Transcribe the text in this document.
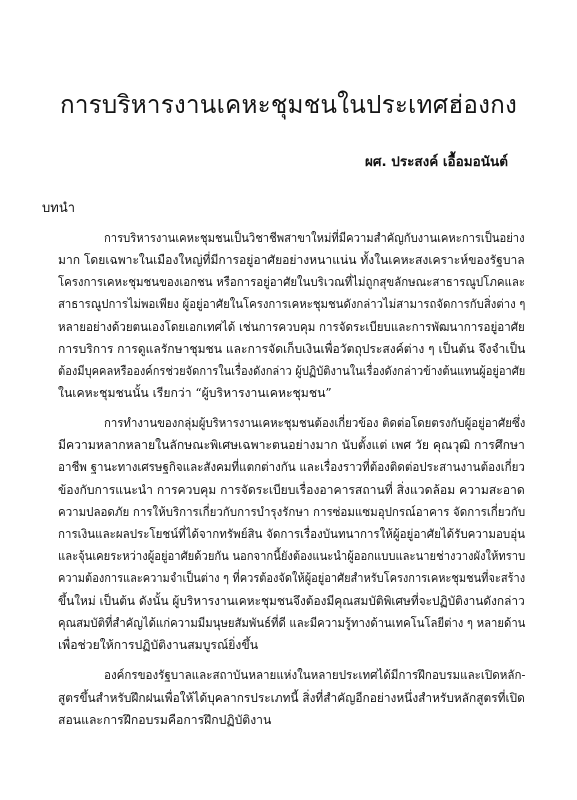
การบริหารงานเคหะชุมชนในประเทศฮ่องกง
ผศ. ประสงค์ เอื้อมอนันต์
บทนำ
การบริหารงานเคหะชุมชนเป็นวิชาชีพสาขาใหม่ที่มีความสำคัญกับงานเคหะการเป็นอย่าง
มาก โดยเฉพาะในเมืองใหญ่ที่มีการอยู่อาศัยอย่างหนาแน่น ทั้งในเคหะสงเคราะห์ของรัฐบาล
โครงการเคหะชุมชนของเอกชน หรือการอยู่อาศัยในบริเวณที่ไม่ถูกสุขลักษณะสาธารณูปโภคและ
สาธารณูปการไม่พอเพียง ผู้อยู่อาศัยในโครงการเคหะชุมชนดังกล่าวไม่สามารถจัดการกับสิ่งต่าง ๆ
หลายอย่างด้วยตนเองโดยเอกเทศได้ เช่นการควบคุม การจัดระเบียบและการพัฒนาการอยู่อาศัย
การบริการ การดูแลรักษาชุมชน และการจัดเก็บเงินเพื่อวัตถุประสงค์ต่าง ๆ เป็นต้น จึงจำเป็น
ต้องมีบุคคลหรือองค์กรช่วยจัดการในเรื่องดังกล่าว ผู้ปฏิบัติงานในเรื่องดังกล่าวข้างต้นแทนผู้อยู่อาศัย
ในเคหะชุมชนนั้น เรียกว่า “ผู้บริหารงานเคหะชุมชน”
การทำงานของกลุ่มผู้บริหารงานเคหะชุมชนต้องเกี่ยวข้อง ติดต่อโดยตรงกับผู้อยู่อาศัยซึ่ง
มีความหลากหลายในลักษณะพิเศษเฉพาะตนอย่างมาก นับตั้งแต่ เพศ วัย คุณวุฒิ การศึกษา
อาชีพ ฐานะทางเศรษฐกิจและสังคมที่แตกต่างกัน และเรื่องราวที่ต้องติดต่อประสานงานต้องเกี่ยว
ข้องกับการแนะนำ การควบคุม การจัดระเบียบเรื่องอาคารสถานที่ สิ่งแวดล้อม ความสะอาด
ความปลอดภัย การให้บริการเกี่ยวกับการบำรุงรักษา การซ่อมแซมอุปกรณ์อาคาร จัดการเกี่ยวกับ
การเงินและผลประโยชน์ที่ได้จากทรัพย์สิน จัดการเรื่องบันทนาการให้ผู้อยู่อาศัยได้รับความอบอุ่น
และจุ้นเคยระหว่างผู้อยู่อาศัยด้วยกัน นอกจากนี้ยังต้องแนะนำผู้ออกแบบและนายช่างวางผังให้ทราบ
ความต้องการและความจำเป็นต่าง ๆ ที่ควรต้องจัดให้ผู้อยู่อาศัยสำหรับโครงการเคหะชุมชนที่จะสร้าง
ขึ้นใหม่ เป็นต้น ดังนั้น ผู้บริหารงานเคหะชุมชนจึงต้องมีคุณสมบัติพิเศษที่จะปฏิบัติงานดังกล่าว
คุณสมบัติที่สำคัญได้แก่ความมีมนุษยสัมพันธ์ที่ดี และมีความรู้ทางด้านเทคโนโลยีต่าง ๆ หลายด้าน
เพื่อช่วยให้การปฏิบัติงานสมบูรณ์ยิ่งขึ้น
องค์กรของรัฐบาลและสถาบันหลายแห่งในหลายประเทศได้มีการฝึกอบรมและเปิดหลัก-
สูตรขึ้นสำหรับฝึกฝนเพื่อให้ได้บุคลากรประเภทนี้ สิ่งที่สำคัญอีกอย่างหนึ่งสำหรับหลักสูตรที่เปิด
สอนและการฝึกอบรมคือการฝึกปฏิบัติงาน
